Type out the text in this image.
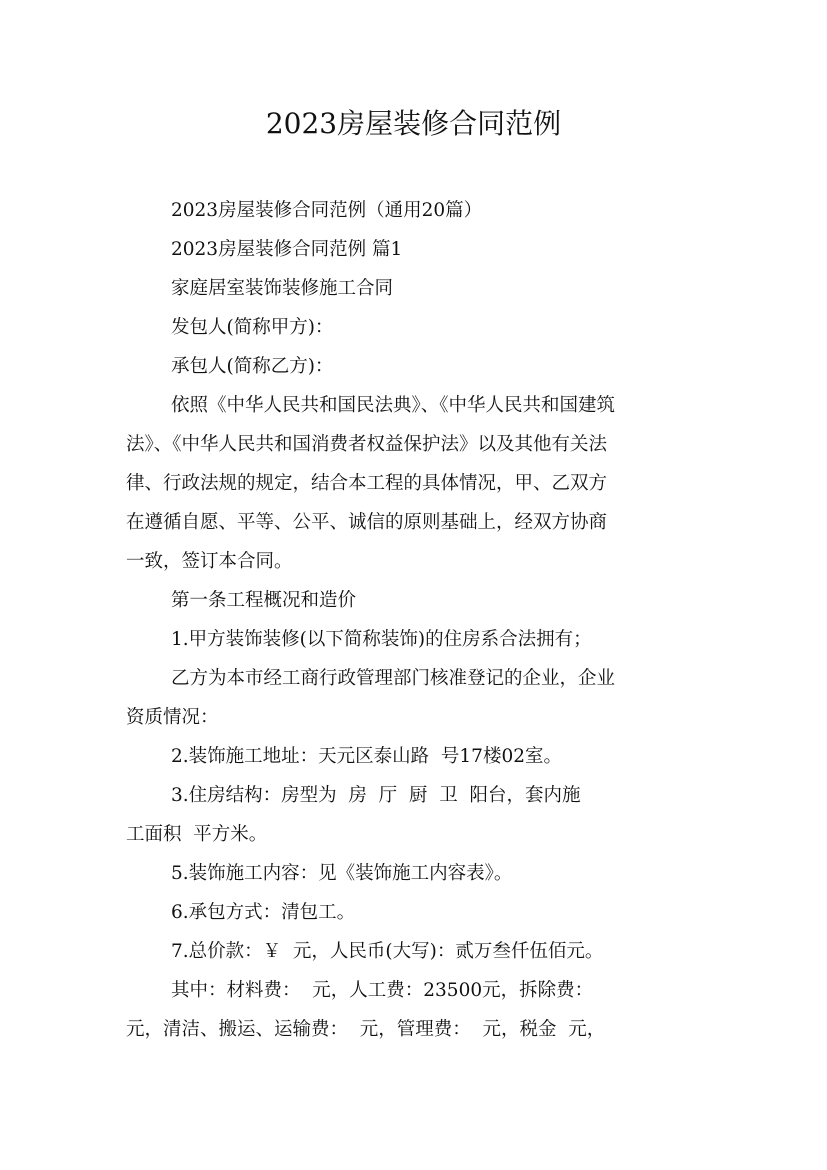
2023房屋装修合同范例
2023房屋装修合同范例（通用20篇）
2023房屋装修合同范例 篇1
家庭居室装饰装修施工合同
发包人(简称甲方)：
承包人(简称乙方)：
依照《中华人民共和国民法典》、《中华人民共和国建筑
法》、《中华人民共和国消费者权益保护法》以及其他有关法
律、行政法规的规定，结合本工程的具体情况，甲、乙双方
在遵循自愿、平等、公平、诚信的原则基础上，经双方协商
一致，签订本合同。
第一条工程概况和造价
1.甲方装饰装修(以下简称装饰)的住房系合法拥有；
乙方为本市经工商行政管理部门核准登记的企业，企业
资质情况：
2.装饰施工地址：天元区泰山路  号17楼02室。
3.住房结构：房型为  房  厅  厨  卫  阳台，套内施
工面积  平方米。
5.装饰施工内容：见《装饰施工内容表》。
6.承包方式：清包工。
7.总价款：￥  元，人民币(大写)：贰万叁仟伍佰元。
其中：材料费：  元，人工费：23500元，拆除费：
元，清洁、搬运、运输费：  元，管理费：  元，税金  元，
